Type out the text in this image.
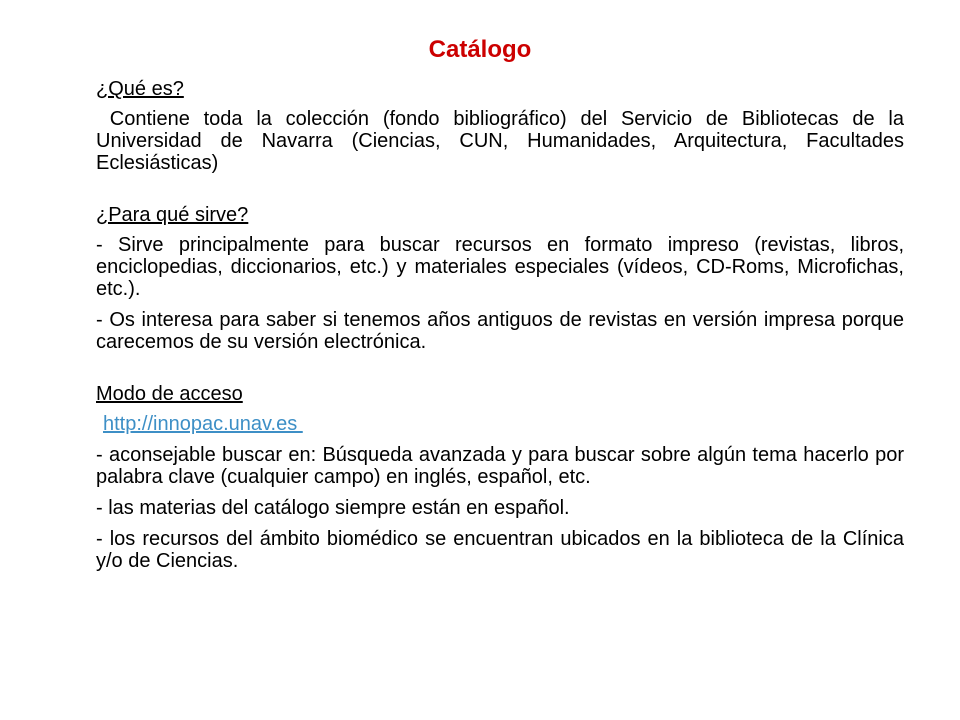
Catálogo

¿Qué es?

Contiene toda la colección (fondo bibliográfico) del Servicio de Bibliotecas de la Universidad de Navarra (Ciencias, CUN, Humanidades, Arquitectura, Facultades Eclesiásticas)

¿Para qué sirve?

- Sirve principalmente para buscar recursos en formato impreso (revistas, libros, enciclopedias, diccionarios, etc.) y materiales especiales (vídeos, CD-Roms, Microfichas, etc.).

- Os interesa para saber si tenemos años antiguos de revistas en versión impresa porque carecemos de su versión electrónica.

Modo de acceso

http://innopac.unav.es

- aconsejable buscar en: Búsqueda avanzada y para buscar sobre algún tema hacerlo por palabra clave (cualquier campo) en inglés, español, etc.

- las materias del catálogo siempre están en español.

- los recursos del ámbito biomédico se encuentran ubicados en la biblioteca de la Clínica y/o de Ciencias.
